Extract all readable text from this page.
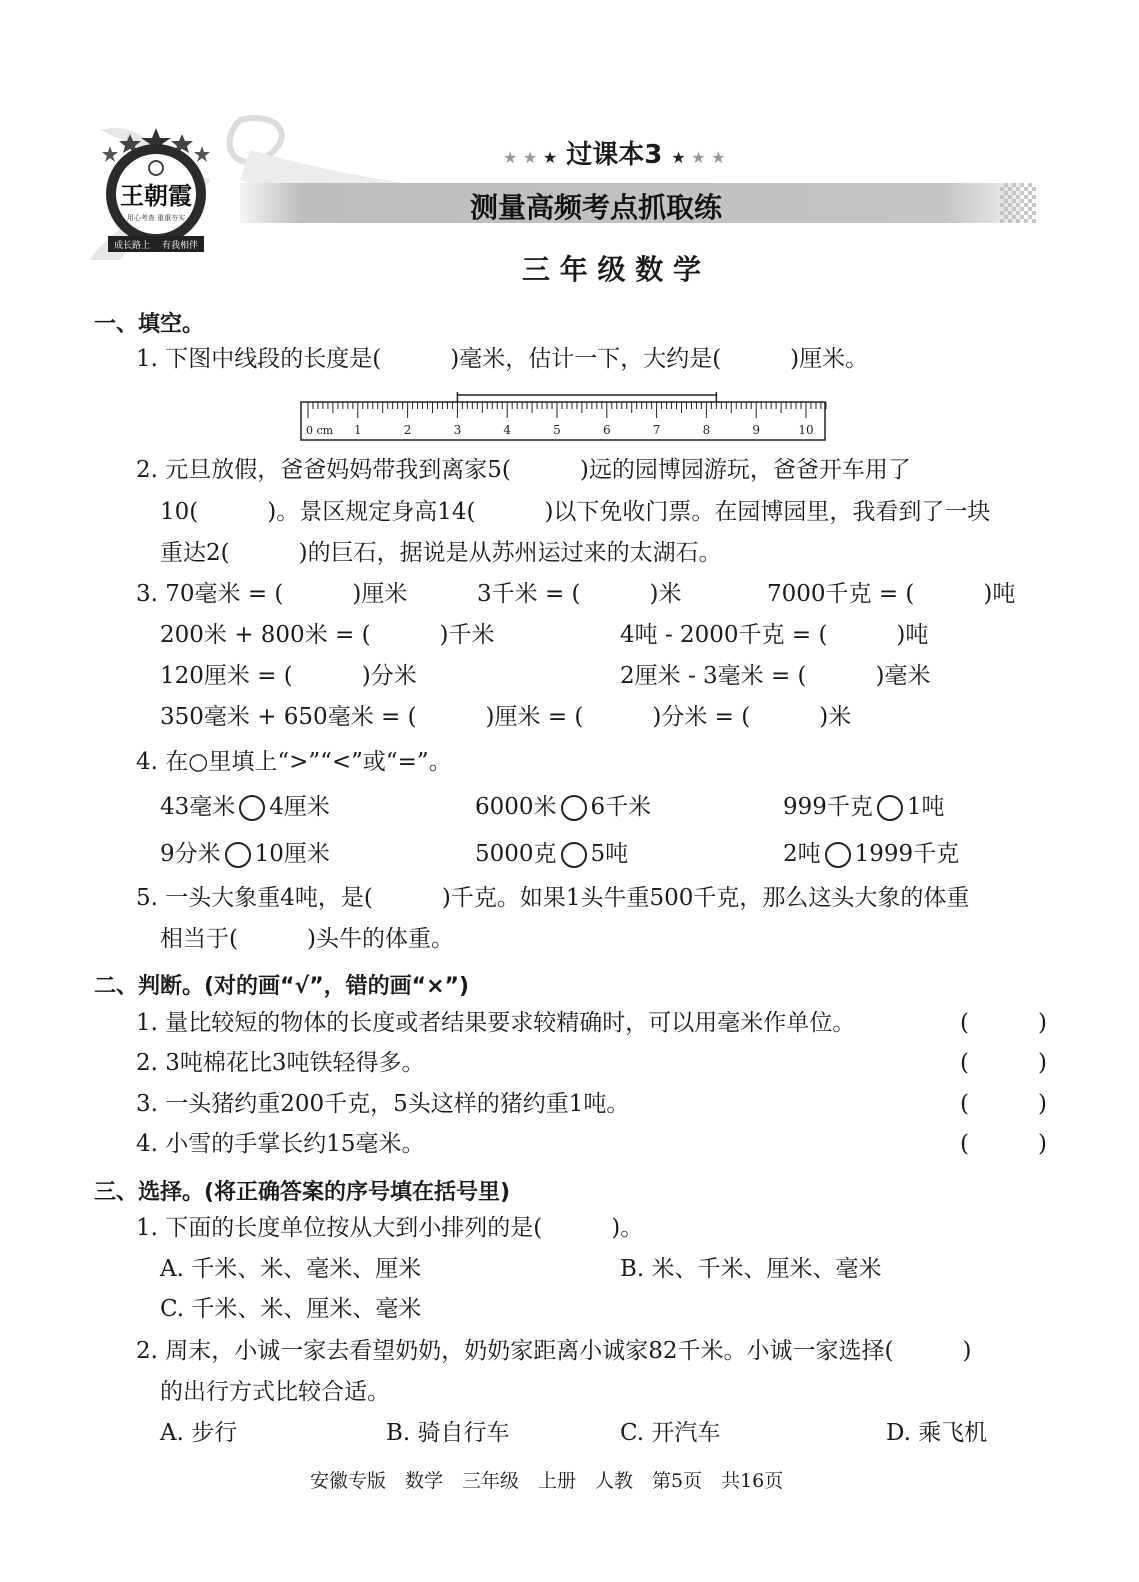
王朝霞
用心考查 重重夯实
成长路上 有我相伴
★ ★ ★ 过课本3 ★ ★ ★
测量高频考点抓取练
三 年 级 数 学
一、填空。
1. 下图中线段的长度是(　　　)毫米，估计一下，大约是(　　　)厘米。
0 cm 1	2	3	4	5	6	7	8	9	10
2. 元旦放假，爸爸妈妈带我到离家5(　　　)远的园博园游玩，爸爸开车用了
10(　　　)。景区规定身高14(　　　)以下免收门票。在园博园里，我看到了一块
重达2(　　　)的巨石，据说是从苏州运过来的太湖石。
3. 70毫米 = (　　　)厘米	3千米 = (　　　)米	7000千克 = (　　　)吨
200米 + 800米 = (　　　)千米	4吨 - 2000千克 = (　　　)吨
120厘米 = (　　　)分米	2厘米 - 3毫米 = (　　　)毫米
350毫米 + 650毫米 = (　　　)厘米 = (　　　)分米 = (　　　)米
4. 在○里填上“>”“<”或“=”。
43毫米 4厘米	6000米 6千米	999千克 1吨
9分米 10厘米	5000克 5吨	2吨 1999千克
5. 一头大象重4吨，是(　　　)千克。如果1头牛重500千克，那么这头大象的体重
相当于(　　　)头牛的体重。
二、判断。(对的画“√”，错的画“×”)
1. 量比较短的物体的长度或者结果要求较精确时，可以用毫米作单位。	(　　　)
2. 3吨棉花比3吨铁轻得多。	(　　　)
3. 一头猪约重200千克，5头这样的猪约重1吨。	(　　　)
4. 小雪的手掌长约15毫米。	(　　　)
三、选择。(将正确答案的序号填在括号里)
1. 下面的长度单位按从大到小排列的是(　　　)。
A. 千米、米、毫米、厘米	B. 米、千米、厘米、毫米
C. 千米、米、厘米、毫米
2. 周末，小诚一家去看望奶奶，奶奶家距离小诚家82千米。小诚一家选择(　　　)
的出行方式比较合适。
A. 步行	B. 骑自行车	C. 开汽车	D. 乘飞机
安徽专版　数学　三年级　上册　人教　第5页　共16页
